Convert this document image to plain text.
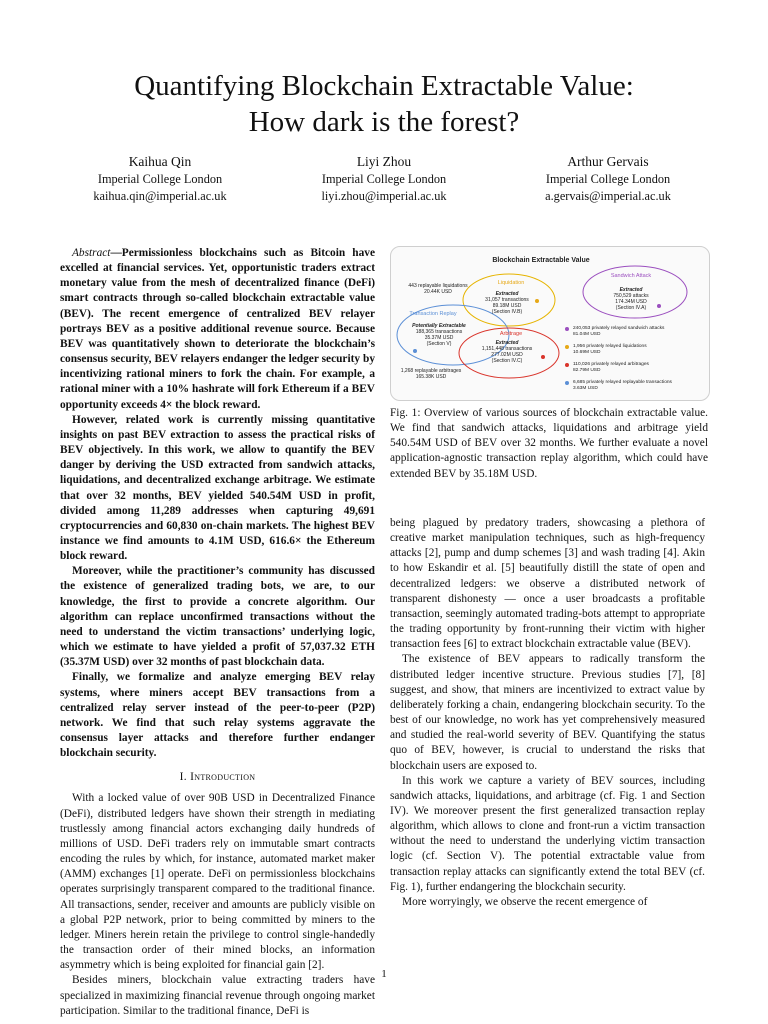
Quantifying Blockchain Extractable Value:
How dark is the forest?
Kaihua Qin
Imperial College London
kaihua.qin@imperial.ac.uk
Liyi Zhou
Imperial College London
liyi.zhou@imperial.ac.uk
Arthur Gervais
Imperial College London
a.gervais@imperial.ac.uk

Abstract—Permissionless blockchains such as Bitcoin have excelled at financial services. Yet, opportunistic traders extract monetary value from the mesh of decentralized finance (DeFi) smart contracts through so-called blockchain extractable value (BEV). The recent emergence of centralized BEV relayer portrays BEV as a positive additional revenue source. Because BEV was quantitatively shown to deteriorate the blockchain’s consensus security, BEV relayers endanger the ledger security by incentivizing rational miners to fork the chain. For example, a rational miner with a 10% hashrate will fork Ethereum if a BEV opportunity exceeds 4× the block reward.

However, related work is currently missing quantitative insights on past BEV extraction to assess the practical risks of BEV objectively. In this work, we allow to quantify the BEV danger by deriving the USD extracted from sandwich attacks, liquidations, and decentralized exchange arbitrage. We estimate that over 32 months, BEV yielded 540.54M USD in profit, divided among 11,289 addresses when capturing 49,691 cryptocurrencies and 60,830 on-chain markets. The highest BEV instance we find amounts to 4.1M USD, 616.6× the Ethereum block reward.

Moreover, while the practitioner’s community has discussed the existence of generalized trading bots, we are, to our knowledge, the first to provide a concrete algorithm. Our algorithm can replace unconfirmed transactions without the need to understand the victim transactions’ underlying logic, which we estimate to have yielded a profit of 57,037.32 ETH (35.37M USD) over 32 months of past blockchain data.

Finally, we formalize and analyze emerging BEV relay systems, where miners accept BEV transactions from a centralized relay server instead of the peer-to-peer (P2P) network. We find that such relay systems aggravate the consensus layer attacks and therefore further endanger blockchain security.

I. Introduction

With a locked value of over 90B USD in Decentralized Finance (DeFi), distributed ledgers have shown their strength in mediating trustlessly among financial actors exchanging daily hundreds of millions of USD. DeFi traders rely on immutable smart contracts encoding the rules by which, for instance, automated market maker (AMM) exchanges [1] operate. DeFi on permissionless blockchains operates surprisingly transparent compared to the traditional finance. All transactions, sender, receiver and amounts are publicly visible on a global P2P network, prior to being committed by miners to the ledger. Miners herein retain the privilege to control single-handedly the transaction order of their mined blocks, an information asymmetry which is being exploited for financial gain [2].

Besides miners, blockchain value extracting traders have specialized in maximizing financial revenue through ongoing market participation. Similar to the traditional finance, DeFi is

Blockchain Extractable Value
Liquidation
Transaction Replay
Arbitrage
Sandwich Attack
443 replayable liquidations
20.44K USD	Extracted
31,057 transactions
89.18M USD
(Section IV.B)
Potentially Extractable
188,365 transactions
35.37M USD
(Section V)	Extracted
1,151,448 transactions
277.02M USD
(Section IV.C)
1,268 replayable arbitrages
165.38K USD
Extracted
750,529 attacks
174.34M USD
(Section IV.A)
240,053 privately relayed sandwich attacks
81.04M USD
1,956 privately relayed liquidations
10.69M USD
110,026 privately relayed arbitrages
82.79M USD
6,685 privately relayed replayable transactions
3.63M USD
Fig. 1: Overview of various sources of blockchain extractable value. We find that sandwich attacks, liquidations and arbitrage yield 540.54M USD of BEV over 32 months. We further evaluate a novel application-agnostic transaction replay algorithm, which could have extended BEV by 35.18M USD.

being plagued by predatory traders, showcasing a plethora of creative market manipulation techniques, such as high-frequency attacks [2], pump and dump schemes [3] and wash trading [4]. Akin to how Eskandir et al. [5] beautifully distill the state of open and decentralized ledgers: we observe a distributed network of transparent dishonesty — once a user broadcasts a profitable transaction, seemingly automated trading-bots attempt to appropriate the trading opportunity by front-running their victim with higher transaction fees [6] to extract blockchain extractable value (BEV).

The existence of BEV appears to radically transform the distributed ledger incentive structure. Previous studies [7], [8] suggest, and show, that miners are incentivized to extract value by deliberately forking a chain, endangering blockchain security. To the best of our knowledge, no work has yet comprehensively measured and studied the real-world severity of BEV. Quantifying the status quo of BEV, however, is crucial to understand the risks that blockchain users are exposed to.

In this work we capture a variety of BEV sources, including sandwich attacks, liquidations, and arbitrage (cf. Fig. 1 and Section IV). We moreover present the first generalized transaction replay algorithm, which allows to clone and front-run a victim transaction without the need to understand the underlying victim transaction logic (cf. Section V). The potential extractable value from transaction replay attacks can significantly extend the total BEV (cf. Fig. 1), further endangering the blockchain security.

More worryingly, we observe the recent emergence of

1
